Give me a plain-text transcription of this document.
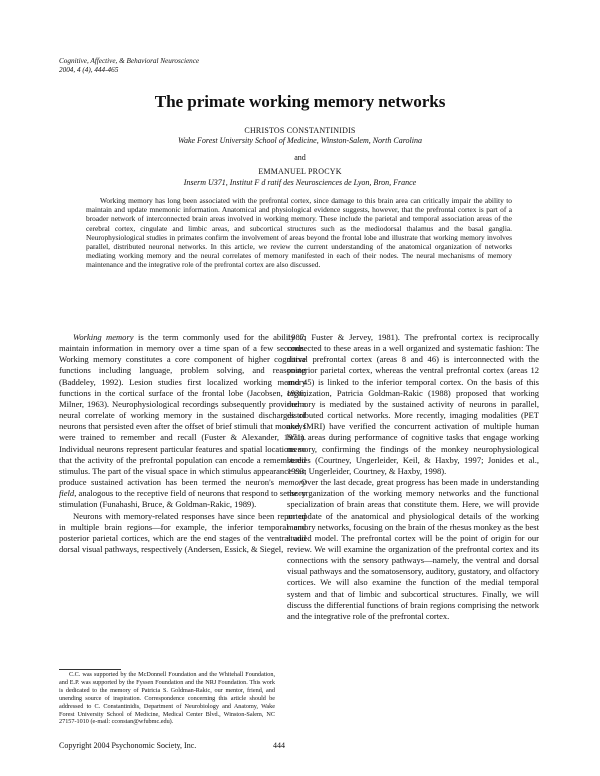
Cognitive, Affective, & Behavioral Neuroscience
2004, 4 (4), 444-465
The primate working memory networks
CHRISTOS CONSTANTINIDIS
Wake Forest University School of Medicine, Winston-Salem, North Carolina
and
EMMANUEL PROCYK
Inserm U371, Institut F d ratif des Neurosciences de Lyon, Bron, France
Working memory has long been associated with the prefrontal cortex, since damage to this brain area can critically impair the ability to maintain and update mnemonic information. Anatomical and physiological evidence suggests, however, that the prefrontal cortex is part of a broader network of interconnected brain areas involved in working memory. These include the parietal and temporal association areas of the cerebral cortex, cingulate and limbic areas, and subcortical structures such as the mediodorsal thalamus and the basal ganglia. Neurophysiological studies in primates confirm the involvement of areas beyond the frontal lobe and illustrate that working memory involves parallel, distributed neuronal networks. In this article, we review the current understanding of the anatomical organization of networks mediating working memory and the neural correlates of memory manifested in each of their nodes. The neural mechanisms of memory maintenance and the integrative role of the prefrontal cortex are also discussed.

Working memory is the term commonly used for the ability to maintain information in memory over a time span of a few seconds. Working memory constitutes a core component of higher cognitive functions including language, problem solving, and reasoning (Baddeley, 1992). Lesion studies first localized working memory functions in the cortical surface of the frontal lobe (Jacobsen, 1936; Milner, 1963). Neurophysiological recordings subsequently provided a neural correlate of working memory in the sustained discharges of neurons that persisted even after the offset of brief stimuli that monkeys were trained to remember and recall (Fuster & Alexander, 1971). Individual neurons represent particular features and spatial locations so that the activity of the prefrontal population can encode a remembered stimulus. The part of the visual space in which stimulus appearance can produce sustained activation has been termed the neuron's memory field, analogous to the receptive field of neurons that respond to sensory stimulation (Funahashi, Bruce, & Goldman-Rakic, 1989).

Neurons with memory-related responses have since been reported in multiple brain regions—for example, the inferior temporal and posterior parietal cortices, which are the end stages of the ventral and dorsal visual pathways, respectively (Andersen, Essick, & Siegel,

1987; Fuster & Jervey, 1981). The prefrontal cortex is reciprocally connected to these areas in a well organized and systematic fashion: The dorsal prefrontal cortex (areas 8 and 46) is interconnected with the posterior parietal cortex, whereas the ventral prefrontal cortex (areas 12 and 45) is linked to the inferior temporal cortex. On the basis of this organization, Patricia Goldman-Rakic (1988) proposed that working memory is mediated by the sustained activity of neurons in parallel, distributed cortical networks. More recently, imaging modalities (PET and fMRI) have verified the concurrent activation of multiple human brain areas during performance of cognitive tasks that engage working memory, confirming the findings of the monkey neurophysiological studies (Courtney, Ungerleider, Keil, & Haxby, 1997; Jonides et al., 1993; Ungerleider, Courtney, & Haxby, 1998).

Over the last decade, great progress has been made in understanding the organization of the working memory networks and the functional specialization of brain areas that constitute them. Here, we will provide an update of the anatomical and physiological details of the working memory networks, focusing on the brain of the rhesus monkey as the best studied model. The prefrontal cortex will be the point of origin for our review. We will examine the organization of the prefrontal cortex and its connections with the sensory pathways—namely, the ventral and dorsal visual pathways and the somatosensory, auditory, gustatory, and olfactory cortices. We will also examine the function of the medial temporal system and that of limbic and subcortical structures. Finally, we will discuss the differential functions of brain regions comprising the network and the integrative role of the prefrontal cortex.

C.C. was supported by the McDonnell Foundation and the Whitehall Foundation, and E.P. was supported by the Fyssen Foundation and the NRJ Foundation. This work is dedicated to the memory of Patricia S. Goldman-Rakic, our mentor, friend, and unending source of inspiration. Correspondence concerning this article should be addressed to C. Constantinidis, Department of Neurobiology and Anatomy, Wake Forest University School of Medicine, Medical Center Blvd., Winston-Salem, NC 27157-1010 (e-mail: cconstan@wfubmc.edu).
Copyright 2004 Psychonomic Society, Inc.	444
